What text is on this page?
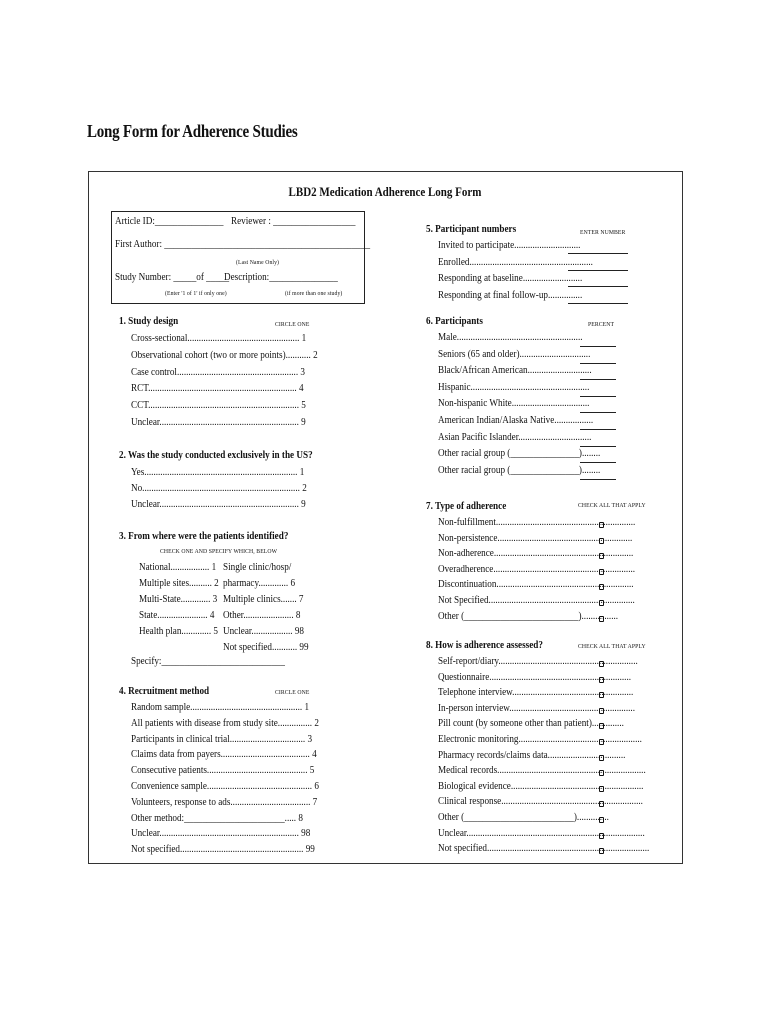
Long Form for Adherence Studies
LBD2 Medication Adherence Long Form
Article ID:_______________ Reviewer : __________________
First Author: _____________________________________________
(Last Name Only)
Study Number: _____of _____
Description:_______________
(Enter '1 of 1' if only one)	(if more than one study)
1. Study design	CIRCLE ONE
Cross-sectional................................................. 1
Observational cohort (two or more points)........... 2
Case control..................................................... 3
RCT................................................................. 4
CCT.................................................................. 5
Unclear............................................................. 9
2. Was the study conducted exclusively in the US?
Yes................................................................... 1
No..................................................................... 2
Unclear............................................................. 9
3. From where were the patients identified?
CHECK ONE AND SPECIFY WHICH, BELOW
National................. 1
Multiple sites.......... 2
Multi-State............. 3
State...................... 4
Health plan............. 5
Single clinic/hosp/
pharmacy............. 6
Multiple clinics....... 7
Other...................... 8
Unclear.................. 98
Not specified........... 99
Specify:___________________________
4. Recruitment method	CIRCLE ONE
Random sample................................................. 1
All patients with disease from study site............... 2
Participants in clinical trial................................. 3
Claims data from payers....................................... 4
Consecutive patients............................................ 5
Convenience sample.............................................. 6
Volunteers, response to ads................................... 7
Other method:______________________..... 8
Unclear............................................................. 98
Not specified...................................................... 99
5. Participant numbers	ENTER NUMBER
Invited to participate.............................
Enrolled......................................................
Responding at baseline..........................
Responding at final follow-up...............
6. Participants	PERCENT
Male.......................................................
Seniors (65 and older)...............................
Black/African American............................
Hispanic....................................................
Non-hispanic White..................................
American Indian/Alaska Native.................
Asian Pacific Islander................................
Other racial group (_______________)........
Other racial group (_______________)........
7. Type of adherence	CHECK ALL THAT APPLY
Non-fulfillment.............................................................
Non-persistence...........................................................
Non-adherence.............................................................
Overadherence..............................................................
Discontinuation............................................................
Not Specified................................................................
Other (_________________________)................
8. How is adherence assessed?	CHECK ALL THAT APPLY
Self-report/diary.............................................................
Questionnaire..............................................................
Telephone interview.....................................................
In-person interview.......................................................
Pill count (by someone other than patient)..............
Electronic monitoring......................................................
Pharmacy records/claims data..................................
Medical records.................................................................
Biological evidence..........................................................
Clinical response..............................................................
Other (________________________)..............
Unclear..............................................................................
Not specified.......................................................................
